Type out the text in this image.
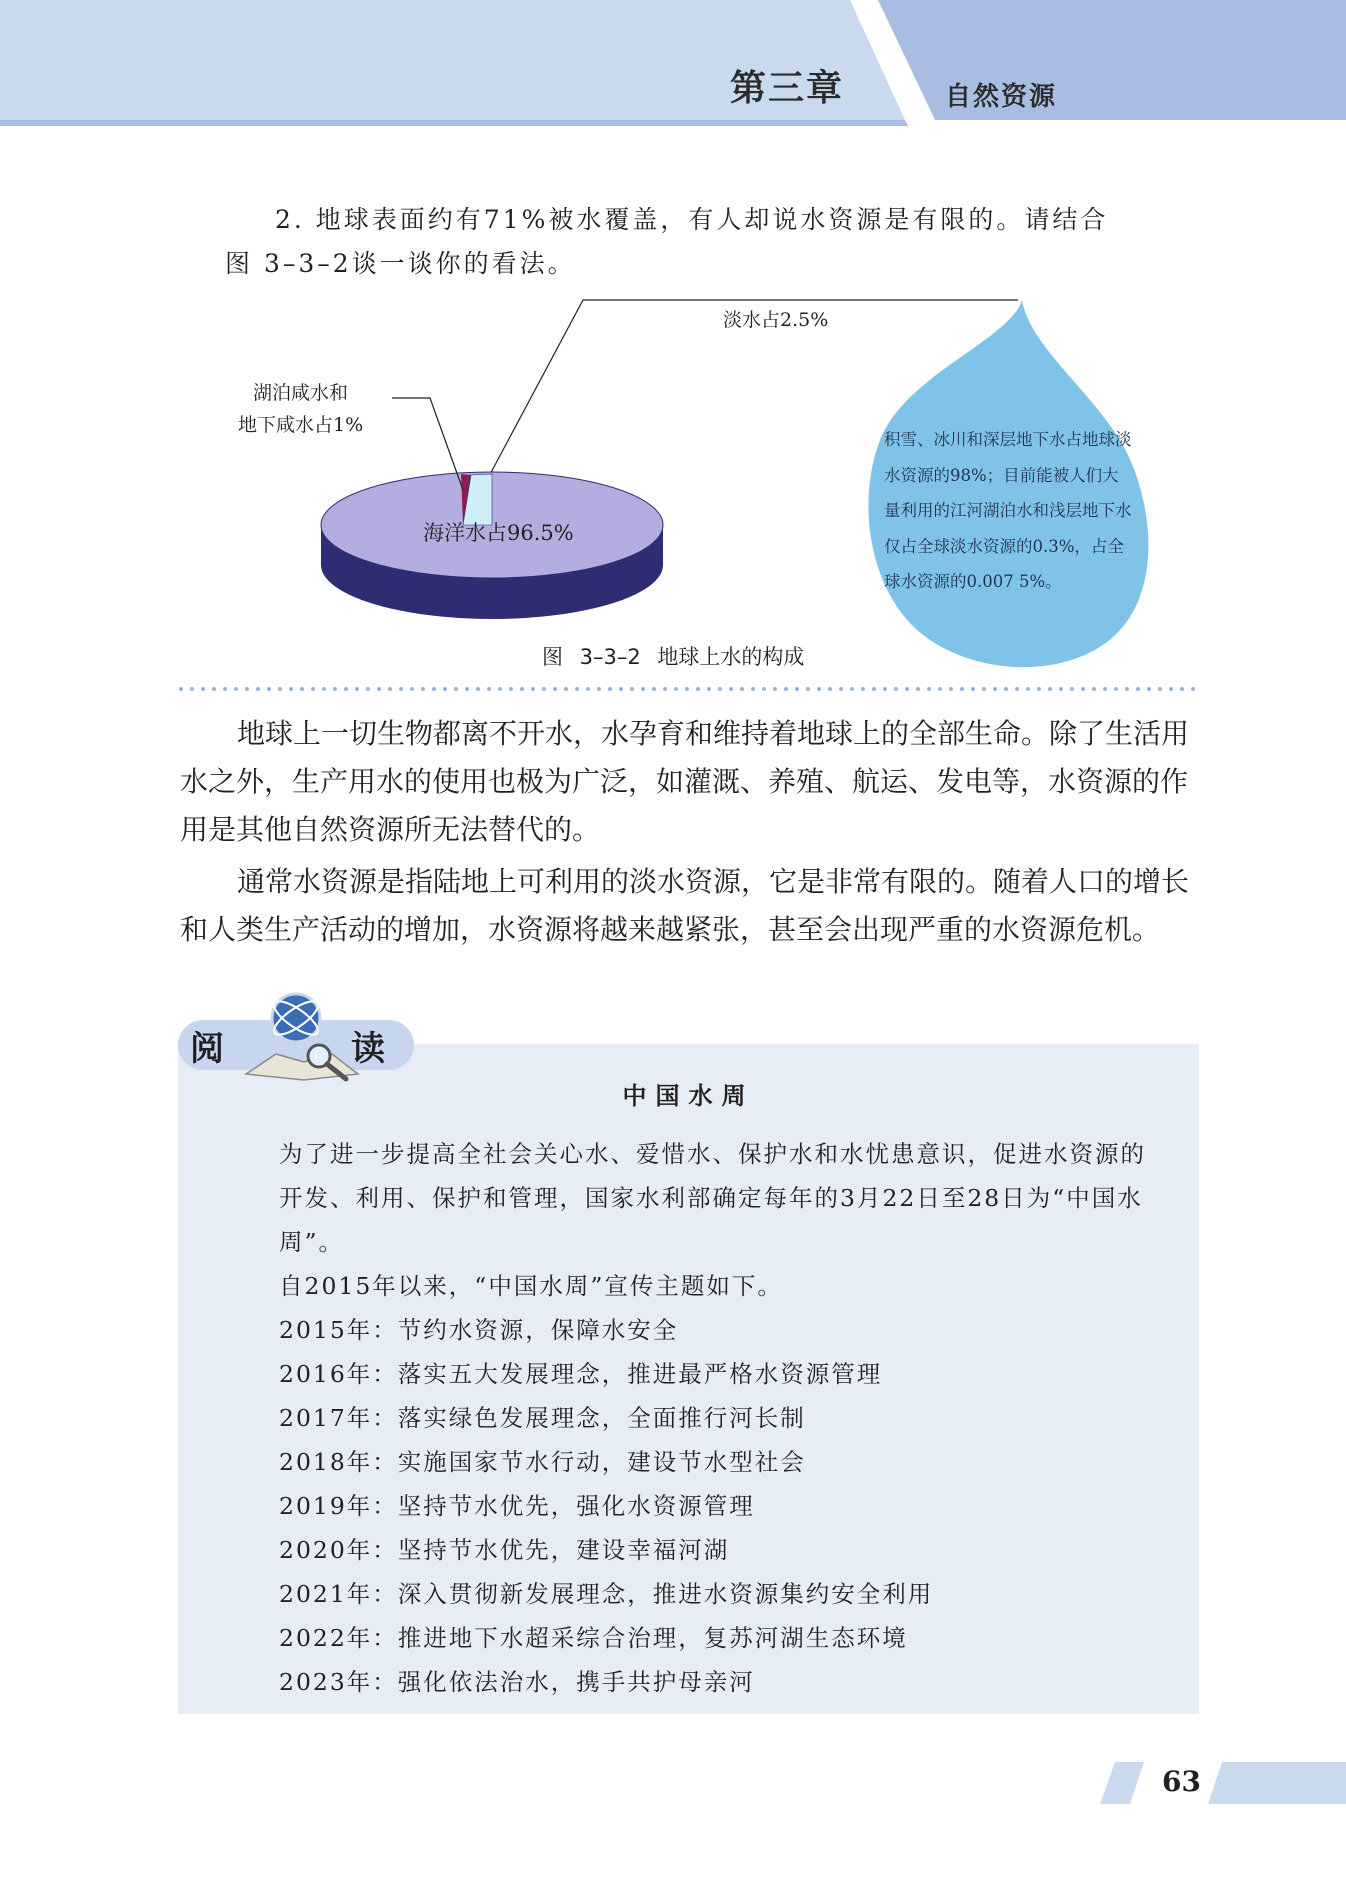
第三章	自然资源
2. 地球表面约有71%被水覆盖，有人却说水资源是有限的。请结合
图 3–3–2谈一谈你的看法。
淡水占2.5%
湖泊咸水和
地下咸水占1%
海洋水占96.5%
积雪、冰川和深层地下水占地球淡水资源的98%；目前能被人们大量利用的江河湖泊水和浅层地下水仅占全球淡水资源的0.3%，占全球水资源的0.007 5%。
图 3–3–2 地球上水的构成

地球上一切生物都离不开水，水孕育和维持着地球上的全部生命。除了生活用水之外，生产用水的使用也极为广泛，如灌溉、养殖、航运、发电等，水资源的作用是其他自然资源所无法替代的。

通常水资源是指陆地上可利用的淡水资源，它是非常有限的。随着人口的增长和人类生产活动的增加，水资源将越来越紧张，甚至会出现严重的水资源危机。

中国水周
为了进一步提高全社会关心水、爱惜水、保护水和水忧患意识，促进水资源的开发、利用、保护和管理，国家水利部确定每年的3月22日至28日为“中国水周”。
自2015年以来，“中国水周”宣传主题如下。
2015年：节约水资源，保障水安全
2016年：落实五大发展理念，推进最严格水资源管理
2017年：落实绿色发展理念，全面推行河长制
2018年：实施国家节水行动，建设节水型社会
2019年：坚持节水优先，强化水资源管理
2020年：坚持节水优先，建设幸福河湖
2021年：深入贯彻新发展理念，推进水资源集约安全利用
2022年：推进地下水超采综合治理，复苏河湖生态环境
2023年：强化依法治水，携手共护母亲河
阅	读
63
